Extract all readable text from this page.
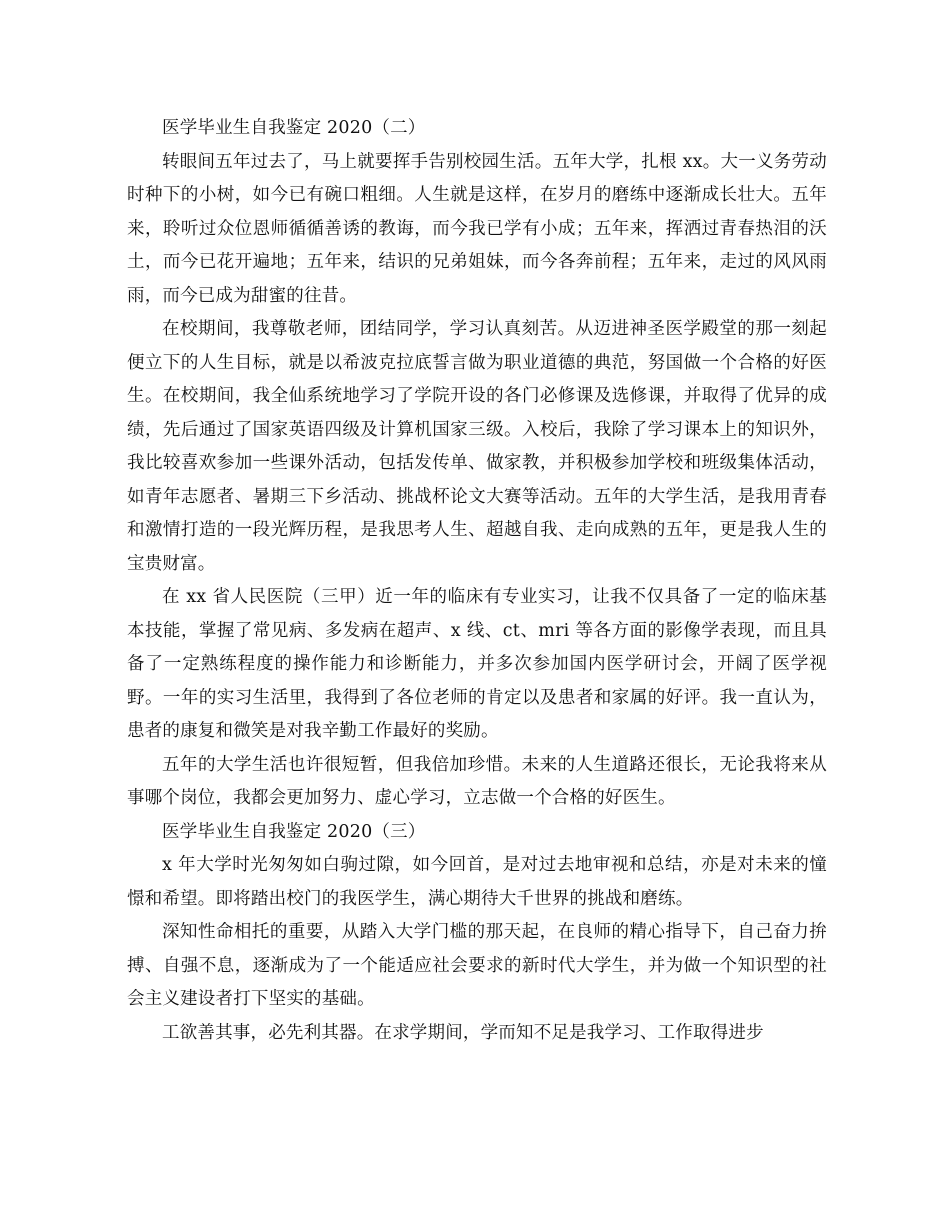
医学毕业生自我鉴定 2020（二）

转眼间五年过去了，马上就要挥手告别校园生活。五年大学，扎根 xx。大一义务劳动时种下的小树，如今已有碗口粗细。人生就是这样，在岁月的磨练中逐渐成长壮大。五年来，聆听过众位恩师循循善诱的教诲，而今我已学有小成；五年来，挥洒过青春热泪的沃土，而今已花开遍地；五年来，结识的兄弟姐妹，而今各奔前程；五年来，走过的风风雨雨，而今已成为甜蜜的往昔。

在校期间，我尊敬老师，团结同学，学习认真刻苦。从迈进神圣医学殿堂的那一刻起便立下的人生目标，就是以希波克拉底誓言做为职业道德的典范，努国做一个合格的好医生。在校期间，我全仙系统地学习了学院开设的各门必修课及选修课，并取得了优异的成绩，先后通过了国家英语四级及计算机国家三级。入校后，我除了学习课本上的知识外，我比较喜欢参加一些课外活动，包括发传单、做家教，并积极参加学校和班级集体活动，如青年志愿者、暑期三下乡活动、挑战杯论文大赛等活动。五年的大学生活，是我用青春和激情打造的一段光辉历程，是我思考人生、超越自我、走向成熟的五年，更是我人生的宝贵财富。

在 xx 省人民医院（三甲）近一年的临床有专业实习，让我不仅具备了一定的临床基本技能，掌握了常见病、多发病在超声、x 线、ct、mri 等各方面的影像学表现，而且具备了一定熟练程度的操作能力和诊断能力，并多次参加国内医学研讨会，开阔了医学视野。一年的实习生活里，我得到了各位老师的肯定以及患者和家属的好评。我一直认为，患者的康复和微笑是对我辛勤工作最好的奖励。

五年的大学生活也许很短暂，但我倍加珍惜。未来的人生道路还很长，无论我将来从事哪个岗位，我都会更加努力、虚心学习，立志做一个合格的好医生。

医学毕业生自我鉴定 2020（三）

x 年大学时光匆匆如白驹过隙，如今回首，是对过去地审视和总结，亦是对未来的憧憬和希望。即将踏出校门的我医学生，满心期待大千世界的挑战和磨练。

深知性命相托的重要，从踏入大学门槛的那天起，在良师的精心指导下，自己奋力拚搏、自强不息，逐渐成为了一个能适应社会要求的新时代大学生，并为做一个知识型的社会主义建设者打下坚实的基础。

工欲善其事，必先利其器。在求学期间，学而知不足是我学习、工作取得进步
